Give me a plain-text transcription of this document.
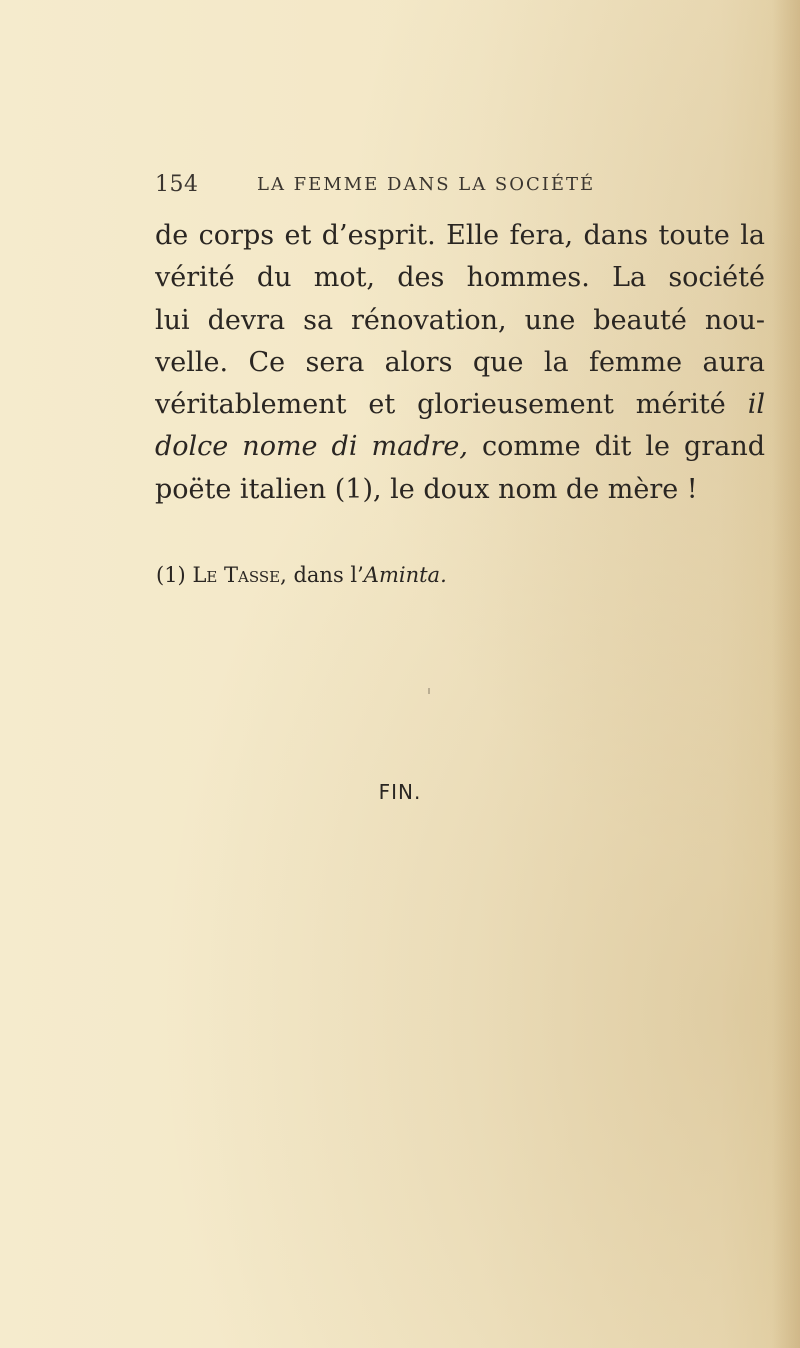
154	LA FEMME DANS LA SOCIÉTÉ
de corps et d’esprit. Elle fera, dans toute la
vérité du mot, des hommes. La société
lui devra sa rénovation, une beauté nou-
velle. Ce sera alors que la femme aura
véritablement et glorieusement mérité il
dolce nome di madre, comme dit le grand
poëte italien (1), le doux nom de mère !
(1) Le Tasse, dans l’Aminta.
FIN.
